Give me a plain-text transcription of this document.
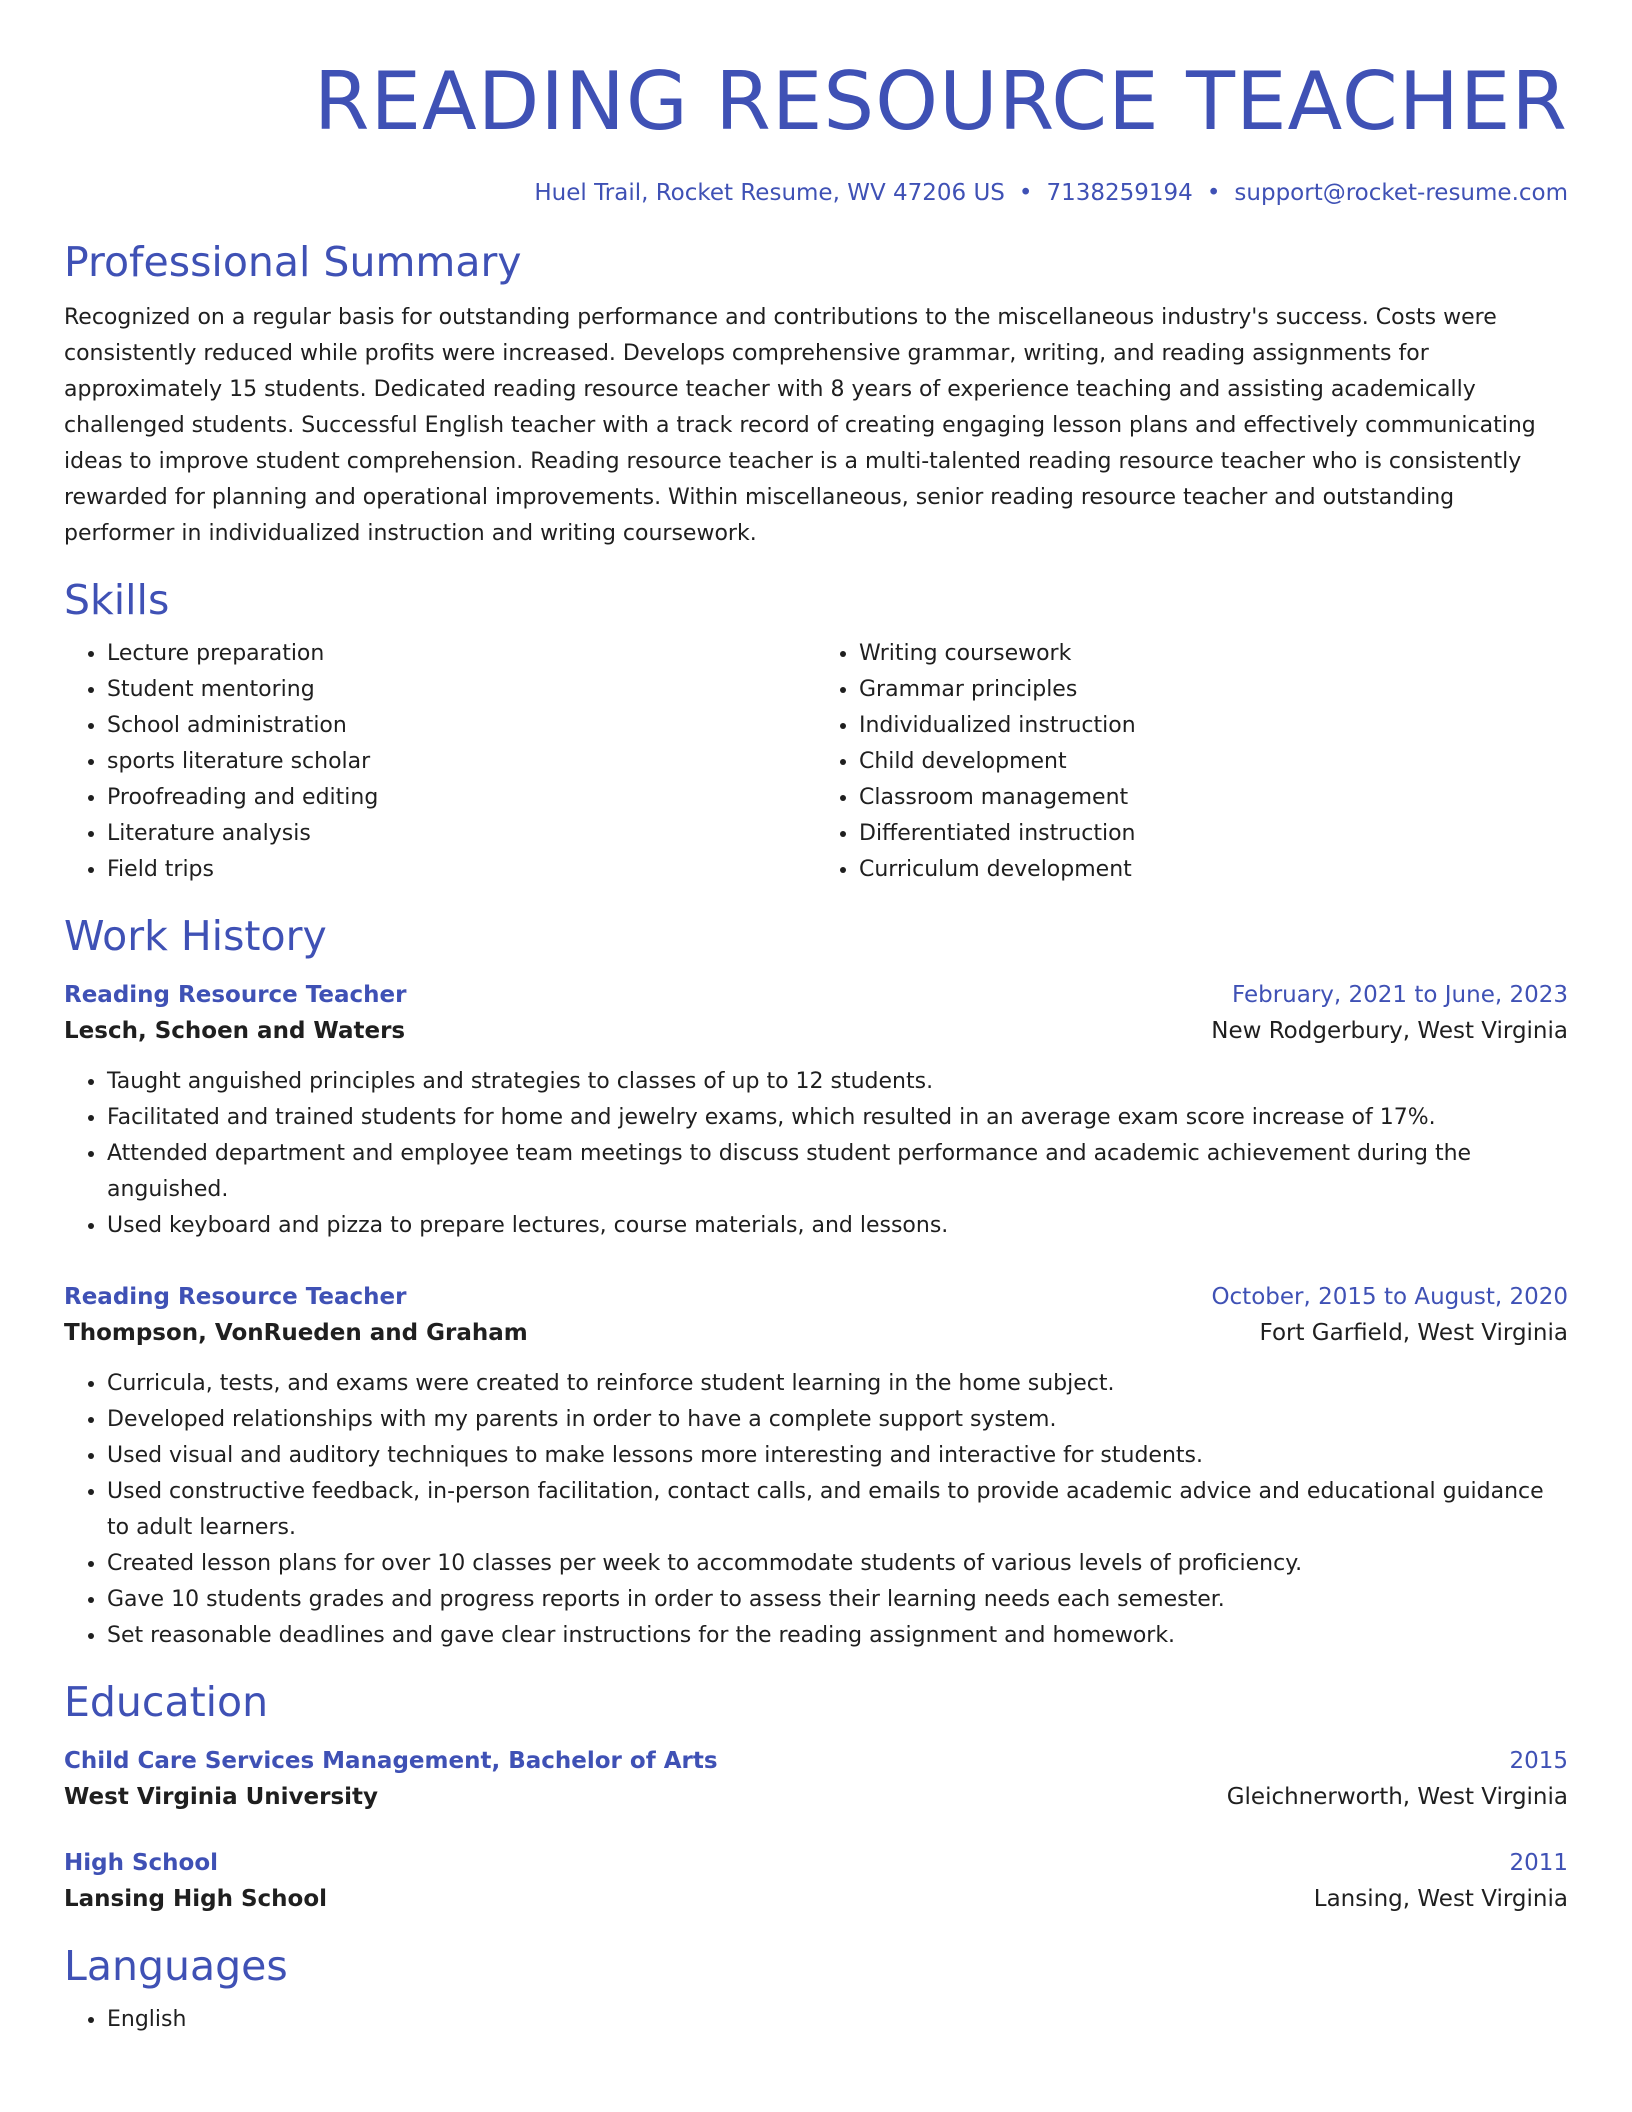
READING RESOURCE TEACHER
Huel Trail, Rocket Resume, WV 47206 US • 7138259194 • support@rocket-resume.com
Professional Summary
Recognized on a regular basis for outstanding performance and contributions to the miscellaneous industry's success. Costs were consistently reduced while profits were increased. Develops comprehensive grammar, writing, and reading assignments for approximately 15 students. Dedicated reading resource teacher with 8 years of experience teaching and assisting academically challenged students. Successful English teacher with a track record of creating engaging lesson plans and effectively communicating ideas to improve student comprehension. Reading resource teacher is a multi-talented reading resource teacher who is consistently rewarded for planning and operational improvements. Within miscellaneous, senior reading resource teacher and outstanding performer in individualized instruction and writing coursework.
Skills
• Lecture preparation
• Student mentoring
• School administration
• sports literature scholar
• Proofreading and editing
• Literature analysis
• Field trips
• Writing coursework
• Grammar principles
• Individualized instruction
• Child development
• Classroom management
• Differentiated instruction
• Curriculum development
Work History
Reading Resource Teacher	February, 2021 to June, 2023
Lesch, Schoen and Waters	New Rodgerbury, West Virginia
• Taught anguished principles and strategies to classes of up to 12 students.
• Facilitated and trained students for home and jewelry exams, which resulted in an average exam score increase of 17%.
• Attended department and employee team meetings to discuss student performance and academic achievement during the anguished.
• Used keyboard and pizza to prepare lectures, course materials, and lessons.
Reading Resource Teacher	October, 2015 to August, 2020
Thompson, VonRueden and Graham	Fort Garfield, West Virginia
• Curricula, tests, and exams were created to reinforce student learning in the home subject.
• Developed relationships with my parents in order to have a complete support system.
• Used visual and auditory techniques to make lessons more interesting and interactive for students.
• Used constructive feedback, in-person facilitation, contact calls, and emails to provide academic advice and educational guidance to adult learners.
• Created lesson plans for over 10 classes per week to accommodate students of various levels of proficiency.
• Gave 10 students grades and progress reports in order to assess their learning needs each semester.
• Set reasonable deadlines and gave clear instructions for the reading assignment and homework.
Education
Child Care Services Management, Bachelor of Arts	2015
West Virginia University	Gleichnerworth, West Virginia
High School	2011
Lansing High School	Lansing, West Virginia
Languages
• English
